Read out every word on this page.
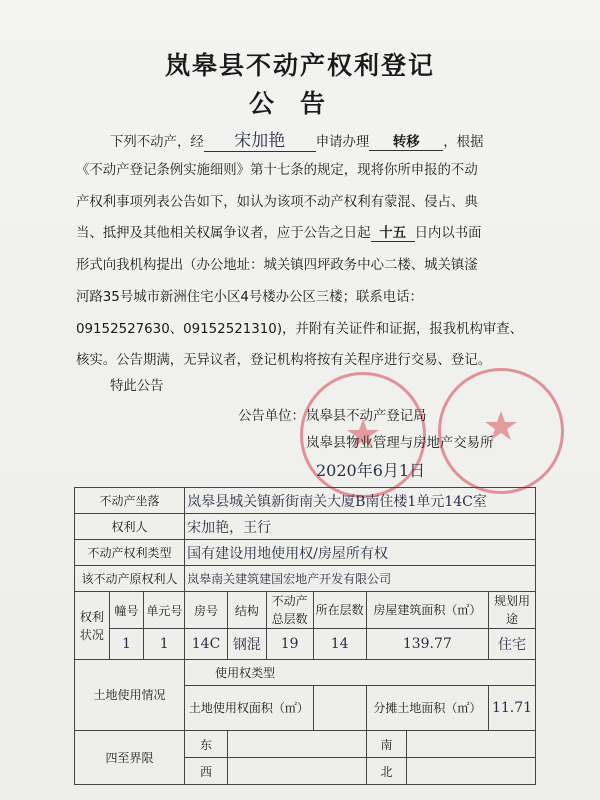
岚皋县不动产权利登记
公告
下列不动产，经 宋加艳 申请办理 转移 ，根据
《不动产登记条例实施细则》第十七条的规定，现将你所申报的不动
产权利事项列表公告如下，如认为该项不动产权利有蒙混、侵占、典
当、抵押及其他相关权属争议者，应于公告之日起 十五 日内以书面
形式向我机构提出（办公地址：城关镇四坪政务中心二楼、城关镇滏
河路35号城市新洲住宅小区4号楼办公区三楼；联系电话：
09152527630、09152521310)，并附有关证件和证据，报我机构审查、
核实。公告期满，无异议者，登记机构将按有关程序进行交易、登记。
特此公告
公告单位： 岚皋县不动产登记局
岚皋县物业管理与房地产交易所
2020年6月1日
不动产坐落			岚皋县城关镇新街南关大厦B南住楼1单元14C室						
权利人			宋加艳，王行						
不动产权利类型			国有建设用地使用权/房屋所有权						
该不动产原权利人			岚皋南关建筑建国宏地产开发有限公司						
权利状况	幢号	单元号	房号	结构	不动产总层数	所在层数	房屋建筑面积（㎡）		规划用途
	1	1	14C	钢混	19	14	139.77		住宅
土地使用情况			使用权类型						
			土地使用权面积（㎡）				分摊土地面积（㎡）		11.71
四至界限			东				南		
			西				北		
